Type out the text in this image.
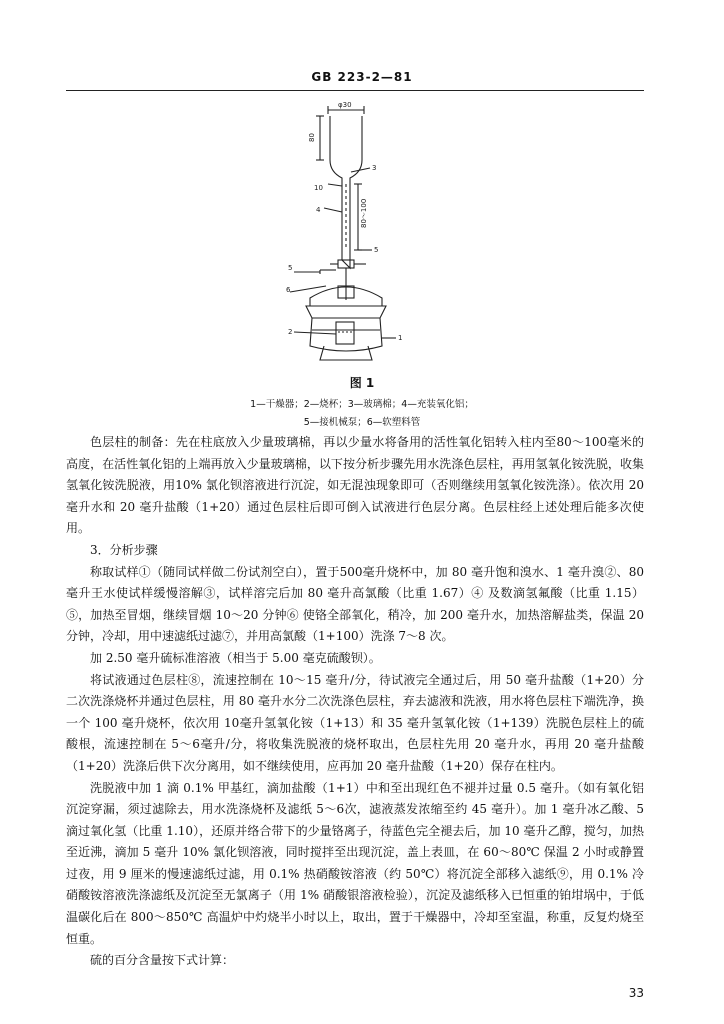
GB 223-2—81
φ30
80
80～100
10
5
3
4
5
6
2
1
图 1
1—干燥器；2—烧杯；3—玻璃棉；4—充装氧化铝；
5—接机械泵；6—软塑料管

色层柱的制备：先在柱底放入少量玻璃棉，再以少量水将备用的活性氧化铝转入柱内至80～100毫米的高度，在活性氧化铝的上端再放入少量玻璃棉，以下按分析步骤先用水洗涤色层柱，再用氢氧化铵洗脱，收集氢氧化铵洗脱液，用10% 氯化钡溶液进行沉淀，如无混浊现象即可（否则继续用氢氧化铵洗涤）。依次用 20 毫升水和 20 毫升盐酸（1+20）通过色层柱后即可倒入试液进行色层分离。色层柱经上述处理后能多次使用。

3．分析步骤

称取试样①（随同试样做二份试剂空白），置于500毫升烧杯中，加 80 毫升饱和溴水、1 毫升溴②、80 毫升王水使试样缓慢溶解③，试样溶完后加 80 毫升高氯酸（比重 1.67）④ 及数滴氢氟酸（比重 1.15）⑤，加热至冒烟，继续冒烟 10～20 分钟⑥ 使铬全部氧化，稍冷，加 200 毫升水，加热溶解盐类，保温 20 分钟，冷却，用中速滤纸过滤⑦，并用高氯酸（1+100）洗涤 7～8 次。

加 2.50 毫升硫标准溶液（相当于 5.00 毫克硫酸钡）。

将试液通过色层柱⑧，流速控制在 10～15 毫升/分，待试液完全通过后，用 50 毫升盐酸（1+20）分二次洗涤烧杯并通过色层柱，用 80 毫升水分二次洗涤色层柱，弃去滤液和洗液，用水将色层柱下端洗净，换一个 100 毫升烧杯，依次用 10毫升氢氧化铵（1+13）和 35 毫升氢氧化铵（1+139）洗脱色层柱上的硫酸根，流速控制在 5～6毫升/分，将收集洗脱液的烧杯取出，色层柱先用 20 毫升水，再用 20 毫升盐酸（1+20）洗涤后供下次分离用，如不继续使用，应再加 20 毫升盐酸（1+20）保存在柱内。

洗脱液中加 1 滴 0.1% 甲基红，滴加盐酸（1+1）中和至出现红色不褪并过量 0.5 毫升。（如有氧化铝沉淀穿漏，须过滤除去，用水洗涤烧杯及滤纸 5～6次，滤液蒸发浓缩至约 45 毫升）。加 1 毫升冰乙酸、5 滴过氧化氢（比重 1.10），还原并络合带下的少量铬离子，待蓝色完全褪去后，加 10 毫升乙醇，搅匀，加热至近沸，滴加 5 毫升 10% 氯化钡溶液，同时搅拌至出现沉淀，盖上表皿，在 60～80℃ 保温 2 小时或静置过夜，用 9 厘米的慢速滤纸过滤，用 0.1% 热硝酸铵溶液（约 50℃）将沉淀全部移入滤纸⑨，用 0.1% 冷硝酸铵溶液洗涤滤纸及沉淀至无氯离子（用 1% 硝酸银溶液检验），沉淀及滤纸移入已恒重的铂坩埚中，于低温碳化后在 800～850℃ 高温炉中灼烧半小时以上，取出，置于干燥器中，冷却至室温，称重，反复灼烧至恒重。

硫的百分含量按下式计算：

33
